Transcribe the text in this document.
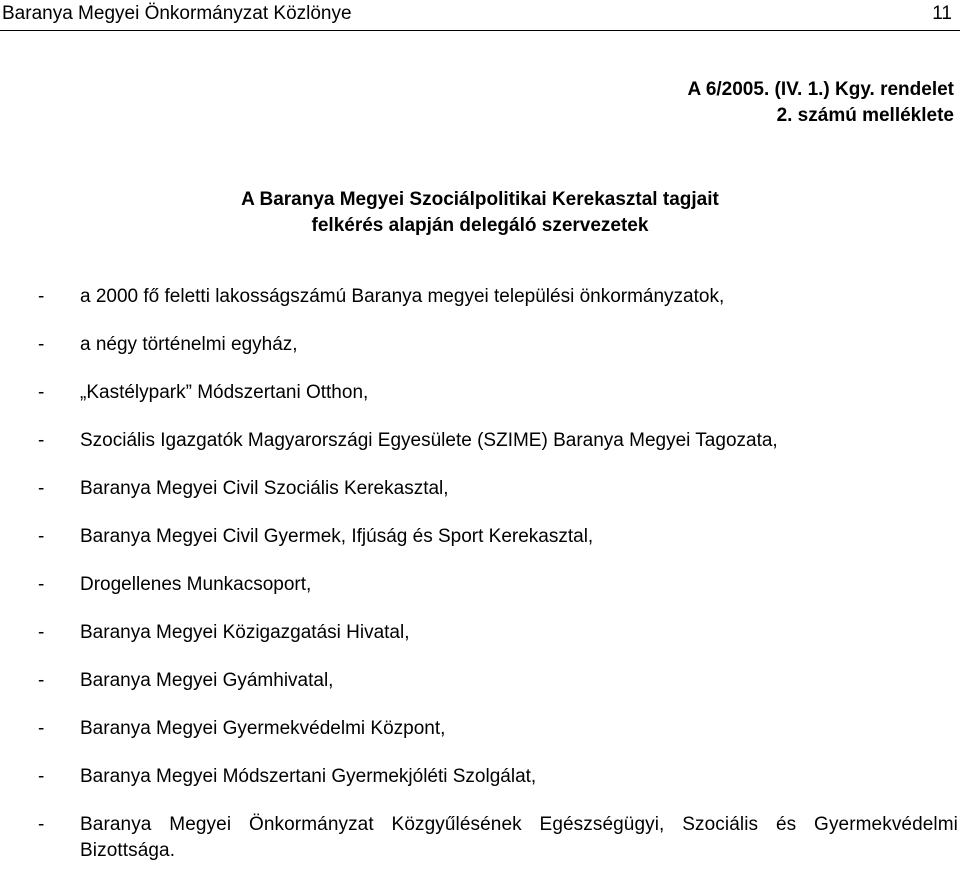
Baranya Megyei Önkormányzat Közlönye	11
A 6/2005. (IV. 1.) Kgy. rendelet
2. számú melléklete
A Baranya Megyei Szociálpolitikai Kerekasztal tagjait
felkérés alapján delegáló szervezetek
- a 2000 fő feletti lakosságszámú Baranya megyei települési önkormányzatok,
- a négy történelmi egyház,
- „Kastélypark” Módszertani Otthon,
- Szociális Igazgatók Magyarországi Egyesülete (SZIME) Baranya Megyei Tagozata,
- Baranya Megyei Civil Szociális Kerekasztal,
- Baranya Megyei Civil Gyermek, Ifjúság és Sport Kerekasztal,
- Drogellenes Munkacsoport,
- Baranya Megyei Közigazgatási Hivatal,
- Baranya Megyei Gyámhivatal,
- Baranya Megyei Gyermekvédelmi Központ,
- Baranya Megyei Módszertani Gyermekjóléti Szolgálat,
- Baranya Megyei Önkormányzat Közgyűlésének Egészségügyi, Szociális és Gyermekvédelmi Bizottsága.
